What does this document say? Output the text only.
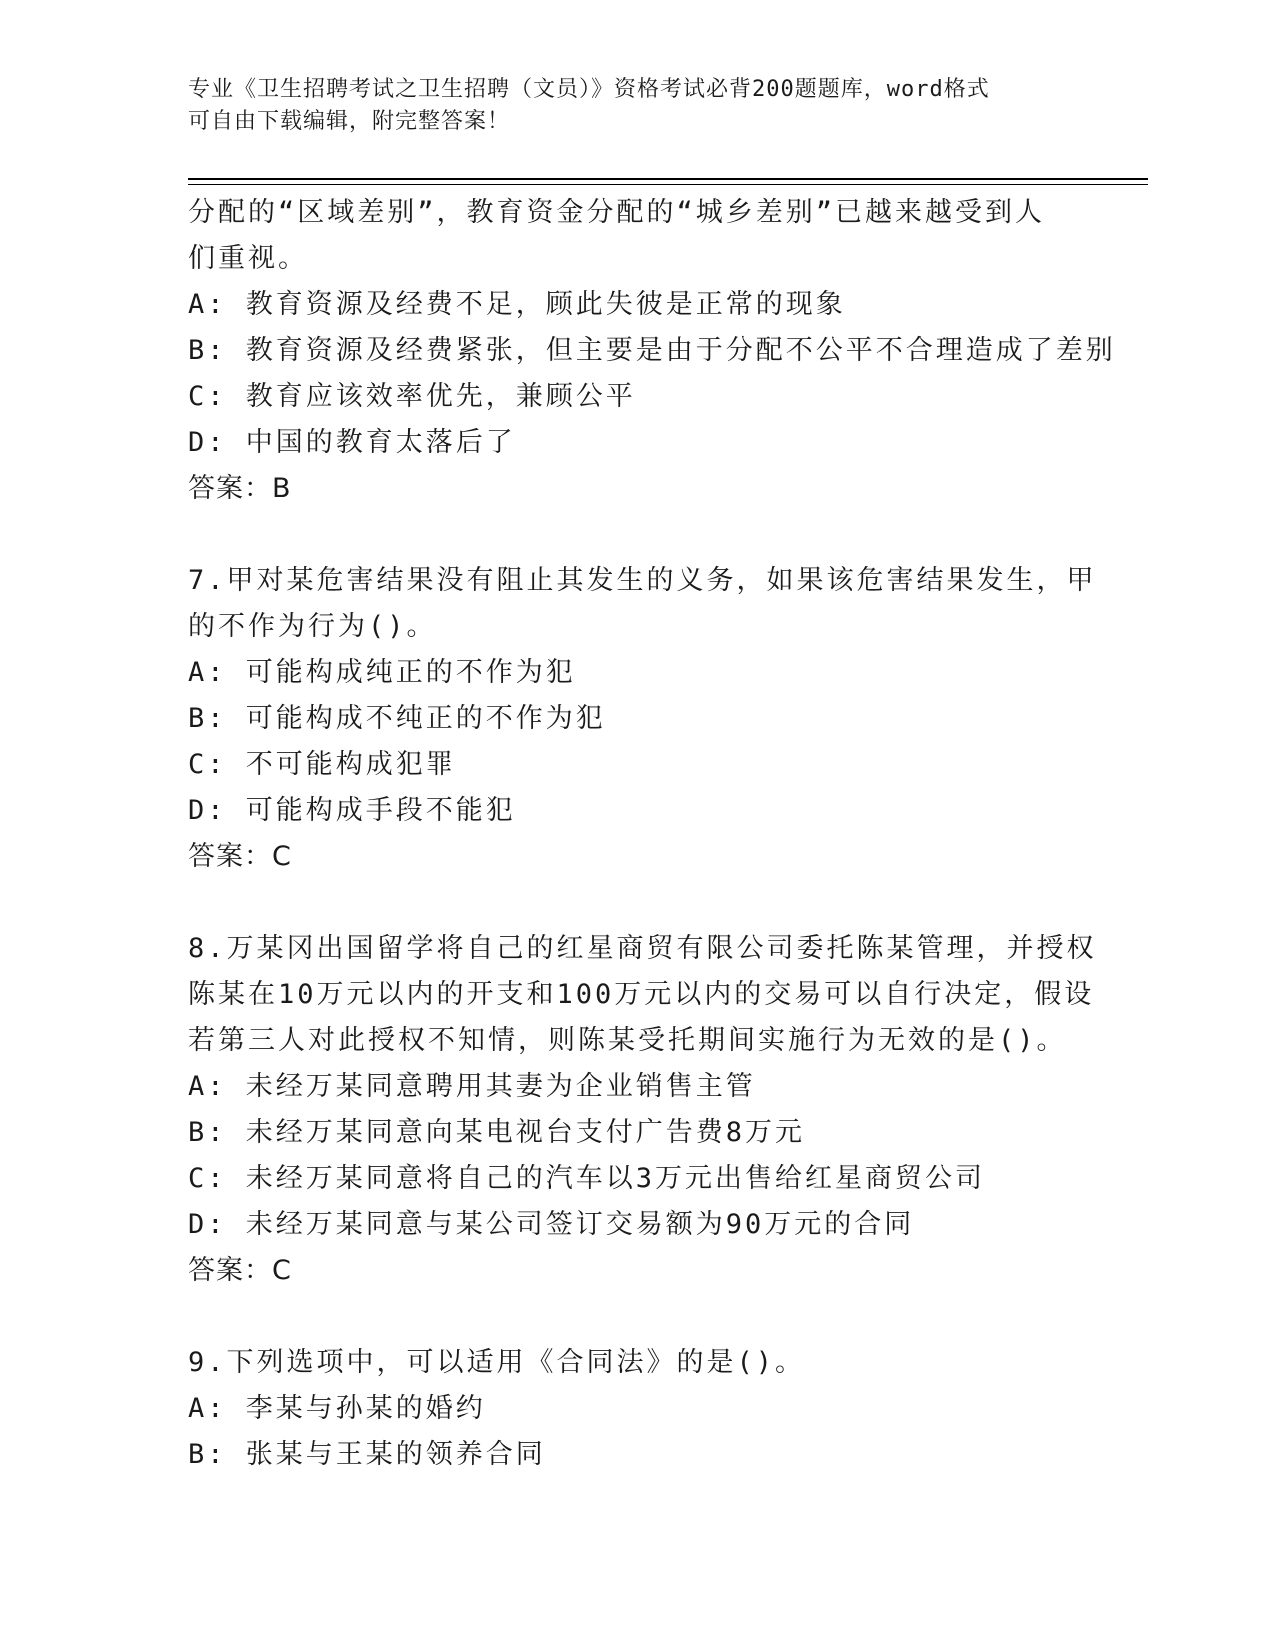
专业《卫生招聘考试之卫生招聘（文员）》资格考试必背200题题库，word格式
可自由下载编辑，附完整答案！
分配的“区域差别”，教育资金分配的“城乡差别”已越来越受到人
们重视。
A: 教育资源及经费不足，顾此失彼是正常的现象
B: 教育资源及经费紧张，但主要是由于分配不公平不合理造成了差别
C: 教育应该效率优先，兼顾公平
D: 中国的教育太落后了
答案：B
7.甲对某危害结果没有阻止其发生的义务，如果该危害结果发生，甲
的不作为行为()。
A: 可能构成纯正的不作为犯
B: 可能构成不纯正的不作为犯
C: 不可能构成犯罪
D: 可能构成手段不能犯
答案：C
8.万某冈出国留学将自己的红星商贸有限公司委托陈某管理，并授权
陈某在10万元以内的开支和100万元以内的交易可以自行决定，假设
若第三人对此授权不知情，则陈某受托期间实施行为无效的是()。
A: 未经万某同意聘用其妻为企业销售主管
B: 未经万某同意向某电视台支付广告费8万元
C: 未经万某同意将自己的汽车以3万元出售给红星商贸公司
D: 未经万某同意与某公司签订交易额为90万元的合同
答案：C
9.下列选项中，可以适用《合同法》的是()。
A: 李某与孙某的婚约
B: 张某与王某的领养合同
